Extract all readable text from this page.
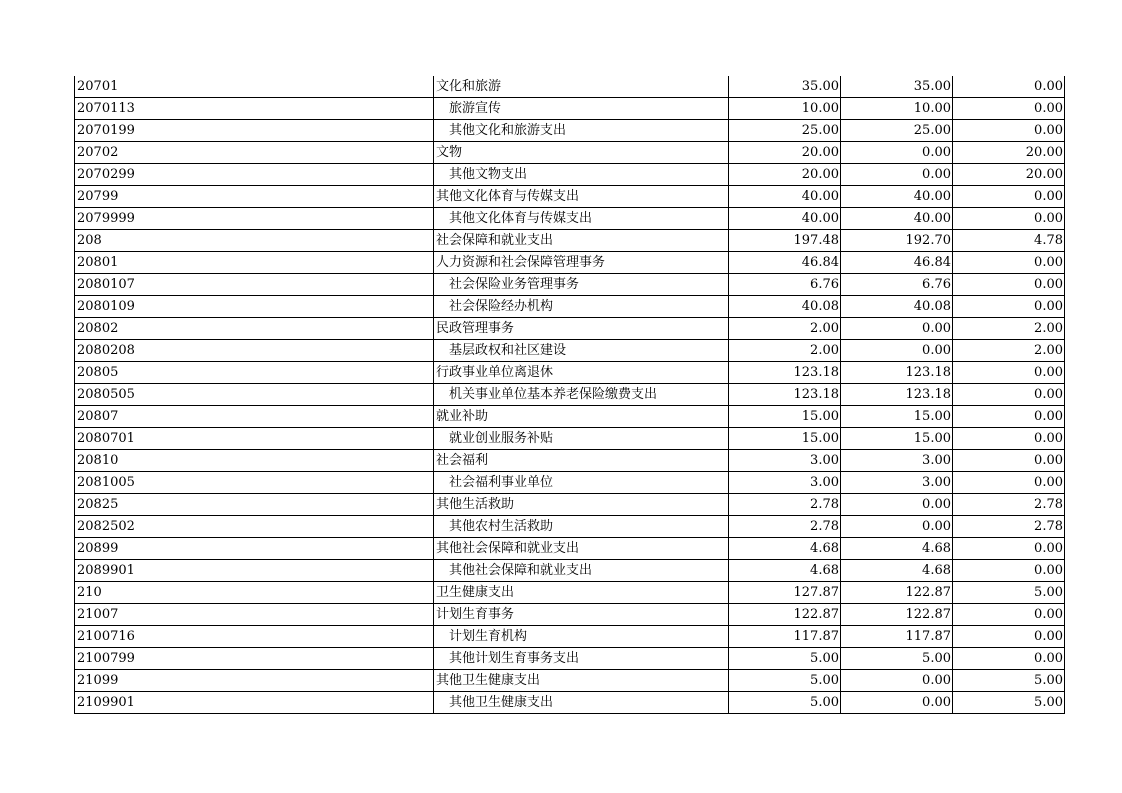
20701	文化和旅游	35.00	35.00	0.00
2070113	旅游宣传	10.00	10.00	0.00
2070199	其他文化和旅游支出	25.00	25.00	0.00
20702	文物	20.00	0.00	20.00
2070299	其他文物支出	20.00	0.00	20.00
20799	其他文化体育与传媒支出	40.00	40.00	0.00
2079999	其他文化体育与传媒支出	40.00	40.00	0.00
208	社会保障和就业支出	197.48	192.70	4.78
20801	人力资源和社会保障管理事务	46.84	46.84	0.00
2080107	社会保险业务管理事务	6.76	6.76	0.00
2080109	社会保险经办机构	40.08	40.08	0.00
20802	民政管理事务	2.00	0.00	2.00
2080208	基层政权和社区建设	2.00	0.00	2.00
20805	行政事业单位离退休	123.18	123.18	0.00
2080505	机关事业单位基本养老保险缴费支出	123.18	123.18	0.00
20807	就业补助	15.00	15.00	0.00
2080701	就业创业服务补贴	15.00	15.00	0.00
20810	社会福利	3.00	3.00	0.00
2081005	社会福利事业单位	3.00	3.00	0.00
20825	其他生活救助	2.78	0.00	2.78
2082502	其他农村生活救助	2.78	0.00	2.78
20899	其他社会保障和就业支出	4.68	4.68	0.00
2089901	其他社会保障和就业支出	4.68	4.68	0.00
210	卫生健康支出	127.87	122.87	5.00
21007	计划生育事务	122.87	122.87	0.00
2100716	计划生育机构	117.87	117.87	0.00
2100799	其他计划生育事务支出	5.00	5.00	0.00
21099	其他卫生健康支出	5.00	0.00	5.00
2109901	其他卫生健康支出	5.00	0.00	5.00
